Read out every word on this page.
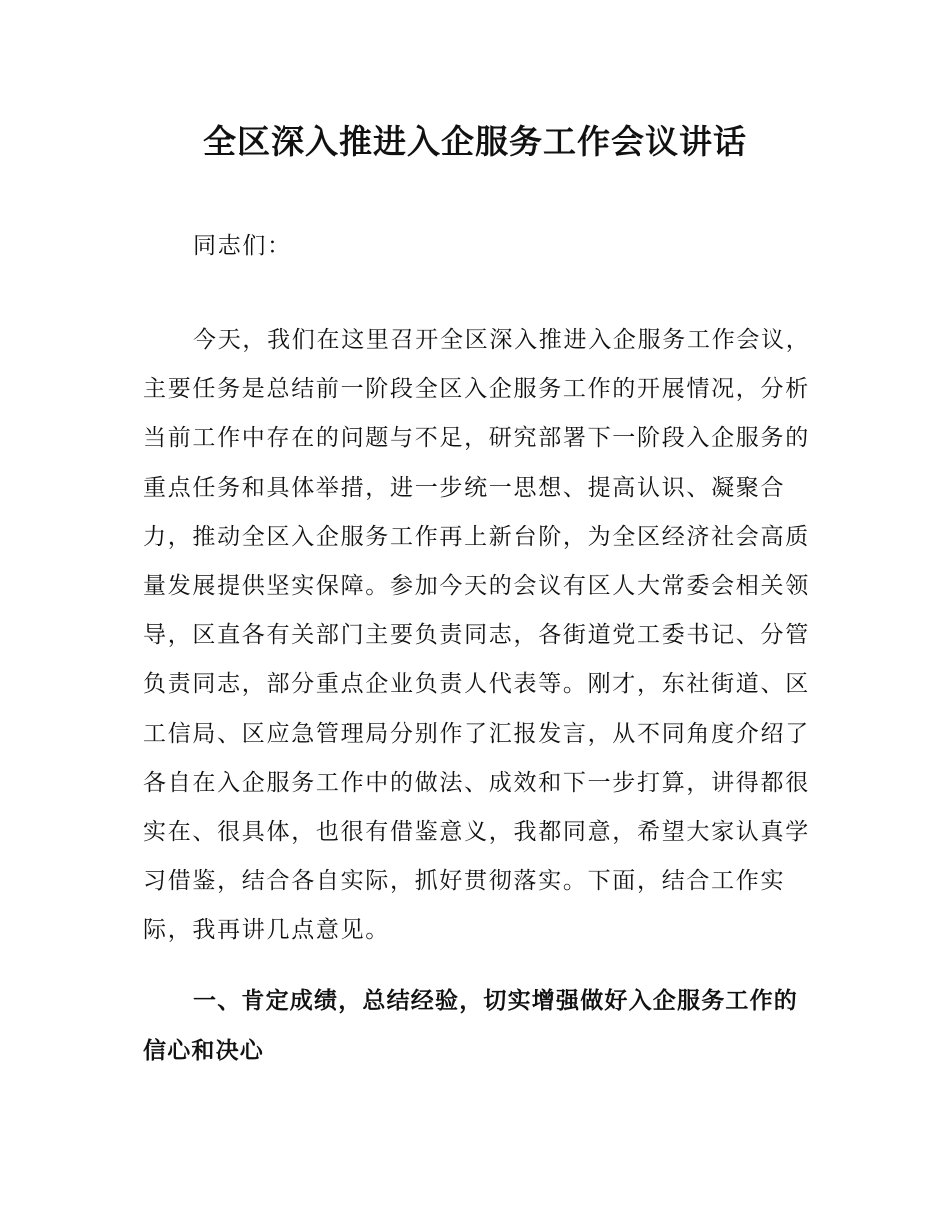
全区深入推进入企服务工作会议讲话
同志们：
今天，我们在这里召开全区深入推进入企服务工作会议，
主要任务是总结前一阶段全区入企服务工作的开展情况，分析
当前工作中存在的问题与不足，研究部署下一阶段入企服务的
重点任务和具体举措，进一步统一思想、提高认识、凝聚合
力，推动全区入企服务工作再上新台阶，为全区经济社会高质
量发展提供坚实保障。参加今天的会议有区人大常委会相关领
导，区直各有关部门主要负责同志，各街道党工委书记、分管
负责同志，部分重点企业负责人代表等。刚才，东社街道、区
工信局、区应急管理局分别作了汇报发言，从不同角度介绍了
各自在入企服务工作中的做法、成效和下一步打算，讲得都很
实在、很具体，也很有借鉴意义，我都同意，希望大家认真学
习借鉴，结合各自实际，抓好贯彻落实。下面，结合工作实
际，我再讲几点意见。
一、肯定成绩，总结经验，切实增强做好入企服务工作的
信心和决心
